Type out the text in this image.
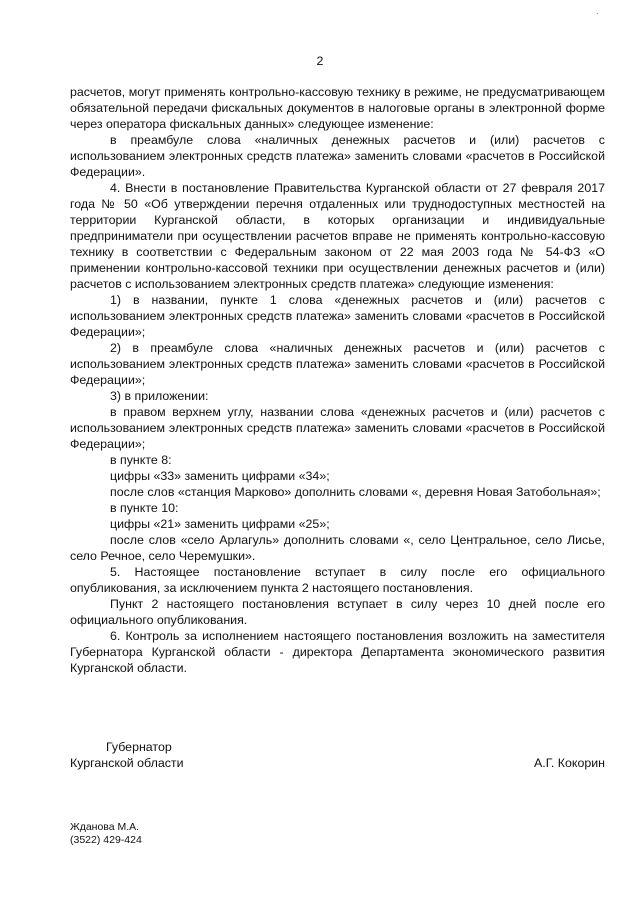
·
2

расчетов, могут применять контрольно-кассовую технику в режиме, не предусматривающем обязательной передачи фискальных документов в налоговые органы в электронной форме через оператора фискальных данных» следующее изменение:

в преамбуле слова «наличных денежных расчетов и (или) расчетов с использованием электронных средств платежа» заменить словами «расчетов в Российской Федерации».

4. Внести в постановление Правительства Курганской области от 27 февраля 2017 года № 50 «Об утверждении перечня отдаленных или труднодоступных местностей на территории Курганской области, в которых организации и индивидуальные предприниматели при осуществлении расчетов вправе не применять контрольно-кассовую технику в соответствии с Федеральным законом от 22 мая 2003 года № 54-ФЗ «О применении контрольно-кассовой техники при осуществлении денежных расчетов и (или) расчетов с использованием электронных средств платежа» следующие изменения:

1) в названии, пункте 1 слова «денежных расчетов и (или) расчетов с использованием электронных средств платежа» заменить словами «расчетов в Российской Федерации»;

2) в преамбуле слова «наличных денежных расчетов и (или) расчетов с использованием электронных средств платежа» заменить словами «расчетов в Российской Федерации»;

3) в приложении:

в правом верхнем углу, названии слова «денежных расчетов и (или) расчетов с использованием электронных средств платежа» заменить словами «расчетов в Российской Федерации»;

в пункте 8:

цифры «33» заменить цифрами «34»;

после слов «станция Марково» дополнить словами «, деревня Новая Затобольная»;

в пункте 10:

цифры «21» заменить цифрами «25»;

после слов «село Арлагуль» дополнить словами «, село Центральное, село Лисье, село Речное, село Черемушки».

5. Настоящее постановление вступает в силу после его официального опубликования, за исключением пункта 2 настоящего постановления.

Пункт 2 настоящего постановления вступает в силу через 10 дней после его официального опубликования.

6. Контроль за исполнением настоящего постановления возложить на заместителя Губернатора Курганской области - директора Департамента экономического развития Курганской области.

Губернатор
Курганской области	А.Г. Кокорин
Жданова М.А.
(3522) 429-424
